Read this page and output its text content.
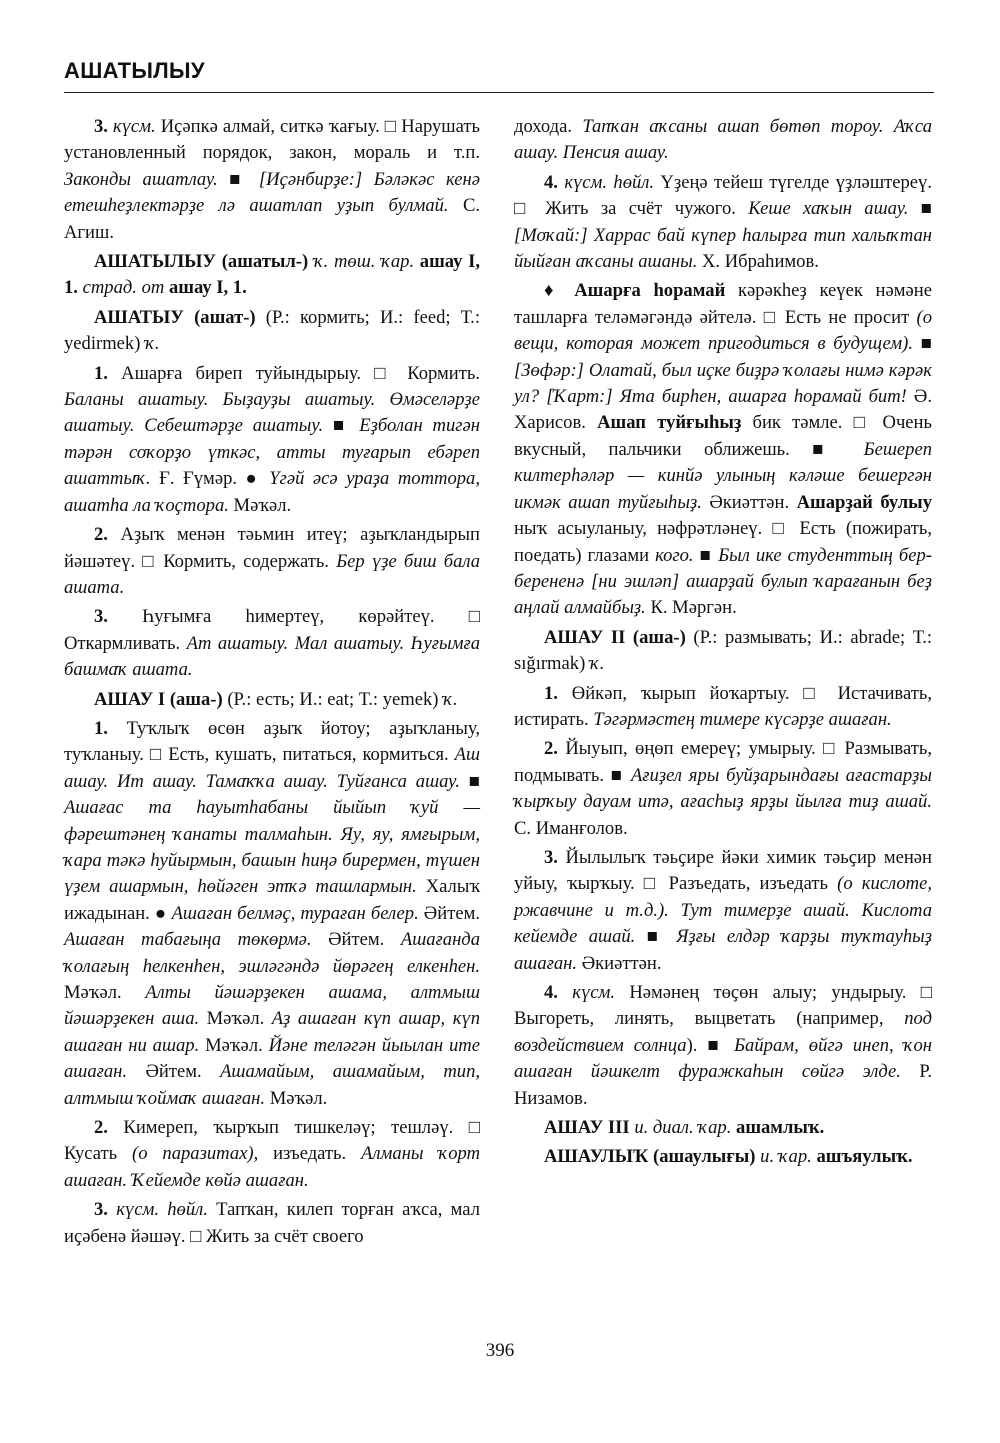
АШАТЫЛЫУ

3. күсм. Иҫәпкә алмай, ситкә ҡағыу. □ Нарушать установленный порядок, закон, мораль и т.п. Законды ашатлау. ■ [Иҫәнбирҙе:] Бәләкәс кенә етешһеҙлектәрҙе лә ашатлап уҙып булмай. С. Агиш.

АШАТЫЛЫУ (ашатыл-) ҡ. төш. ҡар. ашау I, 1. страд. от ашау I, 1.

АШАТЫУ (ашат-) (Р.: кормить; И.: feed; Т.: yedirmek) ҡ.

1. Ашарға биреп туйындырыу. □ Кормить. Баланы ашатыу. Быҙауҙы ашатыу. Өмәселәрҙе ашатыу. Себештәрҙе ашатыу. ■ Еҙболан тигән тәрән соҡорҙо үткәс, атты туғарып ебәреп ашаттыҡ. Ғ. Ғүмәр. ● Үгәй әсә ураҙа тоттора, ашатһа ла ҡоҫтора. Мәҡәл.

2. Аҙыҡ менән тәьмин итеү; аҙыҡландырып йәшәтеү. □ Кормить, содержать. Бер үҙе биш бала ашата.

3. Һуғымға һимертеү, көрәйтеү. □ Откармливать. Ат ашатыу. Мал ашатыу. Һуғымға башмаҡ ашата.

АШАУ I (аша-) (Р.: есть; И.: eat; Т.: yemek) ҡ.

1. Туҡлыҡ өсөн аҙыҡ йотоу; аҙыҡланыу, туҡланыу. □ Есть, кушать, питаться, кормиться. Аш ашау. Ит ашау. Тамаҡҡа ашау. Туйғанса ашау. ■ Ашағас та һауытһабаны йыйып ҡуй — фәрештәнең ҡанаты талмаһын. Яу, яу, ямғырым, ҡара тәкә һуйырмын, башын һиңә бирермен, түшен үҙем ашармын, һөйәген этҡә ташлармын. Халыҡ ижадынан. ● Ашаған белмәҫ, тураған белер. Әйтем. Ашаған табағыңа төкөрмә. Әйтем. Ашағанда ҡолағың һелкенһен, эшләгәндә йөрәгең елкенһен. Мәҡәл. Алты йәшәрҙекен ашама, алтмыш йәшәрҙекен аша. Мәҡәл. Аҙ ашаған күп ашар, күп ашаған ни ашар. Мәҡәл. Йәне теләгән йыылан ите ашаған. Әйтем. Ашамайым, ашамайым, тип, алтмыш ҡоймаҡ ашаған. Мәҡәл.

2. Кимереп, ҡырҡып тишкеләү; тешләү. □ Кусать (о паразитах), изъедать. Алманы ҡорт ашаған. Ҡейемде көйә ашаған.

3. күсм. һөйл. Тапҡан, килеп торған аҡса, мал иҫәбенә йәшәү. □ Жить за счёт своего

дохода. Тапҡан аҡсаны ашап бөтөп тороу. Аҡса ашау. Пенсия ашау.

4. күсм. һөйл. Үҙеңә тейеш түгелде үҙләштереү. □ Жить за счёт чужого. Кеше хаҡын ашау. ■ [Моҡай:] Харрас бай күпер һалырға тип халыҡтан йыйған аҡсаны ашаны. Х. Ибраһимов.

♦ Ашарға һорамай кәрәкһеҙ кеүек нәмәне ташларға теләмәгәндә әйтелә. □ Есть не просит (о вещи, которая может пригодиться в будущем). ■ [Зөфәр:] Олатай, был иҫке биҙрә ҡолағы нимә кәрәк ул? [Ҡарт:] Ята бирһен, ашарға һорамай бит! Ә. Харисов. Ашап туйғыһыҙ бик тәмле. □ Очень вкусный, пальчики оближешь. ■ Бешереп килтерһәләр — кинйә улының кәләше бешергән икмәк ашап туйғыһыҙ. Әкиәттән. Ашарҙай булыу ныҡ асыуланыу, нәфрәтләнеү. □ Есть (пожирать, поедать) глазами кого. ■ Был ике студенттың бер-берененә [ни эшләп] ашарҙай булып ҡарағанын беҙ аңлай алмайбыҙ. К. Мәргән.

АШАУ II (аша-) (Р.: размывать; И.: abrade; Т.: sığırmak) ҡ.

1. Өйкәп, ҡырып йоҡартыу. □ Истачивать, истирать. Тәгәрмәстең тимере күсәрҙе ашаған.

2. Йыуып, өңөп емереү; умырыу. □ Размывать, подмывать. ■ Ағиҙел яры буйҙарындағы ағастарҙы ҡырҡыу дауам итә, ағасһыҙ ярҙы йылға тиҙ ашай. С. Иманғолов.

3. Йылылыҡ тәьҫире йәки химик тәьҫир менән уйыу, ҡырҡыу. □ Разъедать, изъедать (о кислоте, ржавчине и т.д.). Тут тимерҙе ашай. Кислота кейемде ашай. ■ Яҙғы елдәр ҡарҙы туҡтауһыҙ ашаған. Әкиәттән.

4. күсм. Нәмәнең төҫөн алыу; ундырыу. □ Выгореть, линять, выцветать (например, под воздействием солнца). ■ Байрам, өйгә инеп, ҡон ашаған йәшкелт фуражкаһын сөйгә элде. Р. Низамов.

АШАУ III и. диал. ҡар. ашамлыҡ.

АШАУЛЫҠ (ашаулығы) и. ҡар. ашъяулыҡ.

396
